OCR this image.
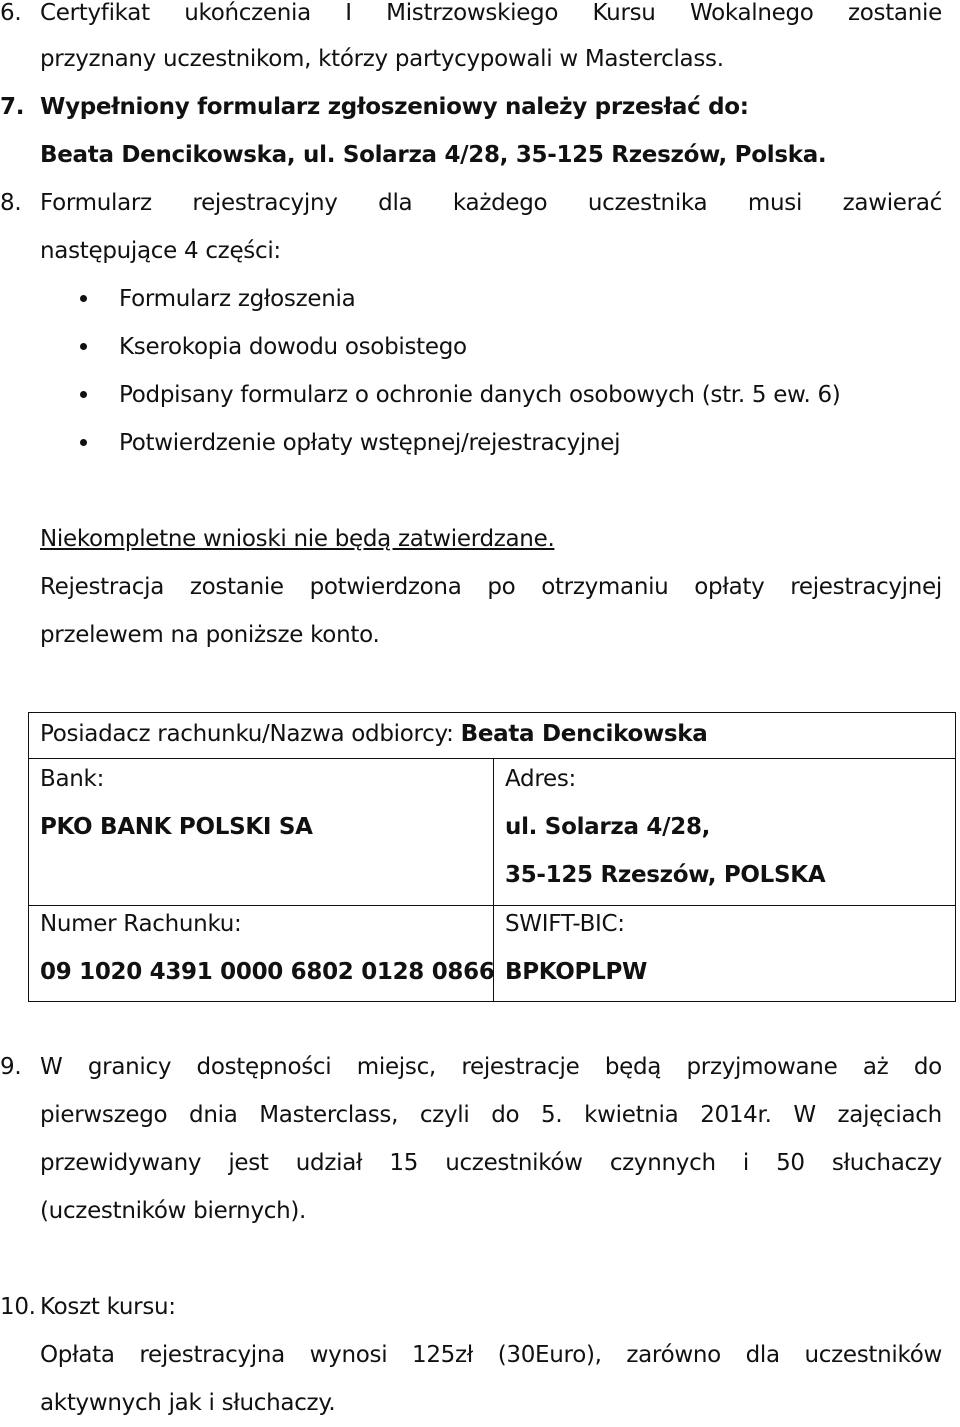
6. Certyfikat ukończenia I Mistrzowskiego Kursu Wokalnego zostanie
przyznany uczestnikom, którzy partycypowali w Masterclass.
7. Wypełniony formularz zgłoszeniowy należy przesłać do:
Beata Dencikowska, ul. Solarza 4/28, 35-125 Rzeszów, Polska.
8. Formularz rejestracyjny dla każdego uczestnika musi zawierać
następujące 4 części:
Formularz zgłoszenia
Kserokopia dowodu osobistego
Podpisany formularz o ochronie danych osobowych (str. 5 ew. 6)
Potwierdzenie opłaty wstępnej/rejestracyjnej
Niekompletne wnioski nie będą zatwierdzane.
Rejestracja zostanie potwierdzona po otrzymaniu opłaty rejestracyjnej
przelewem na poniższe konto.
Posiadacz rachunku/Nazwa odbiorcy: Beata Dencikowska
Bank:
PKO BANK POLSKI SA
Adres:
ul. Solarza 4/28,
35-125 Rzeszów, POLSKA
Numer Rachunku:
09 1020 4391 0000 6802 0128 0866
SWIFT-BIC:
BPKOPLPW
9. W granicy dostępności miejsc, rejestracje będą przyjmowane aż do
pierwszego dnia Masterclass, czyli do 5. kwietnia 2014r. W zajęciach
przewidywany jest udział 15 uczestników czynnych i 50 słuchaczy
(uczestników biernych).
10. Koszt kursu:
Opłata rejestracyjna wynosi 125zł (30Euro), zarówno dla uczestników
aktywnych jak i słuchaczy.
